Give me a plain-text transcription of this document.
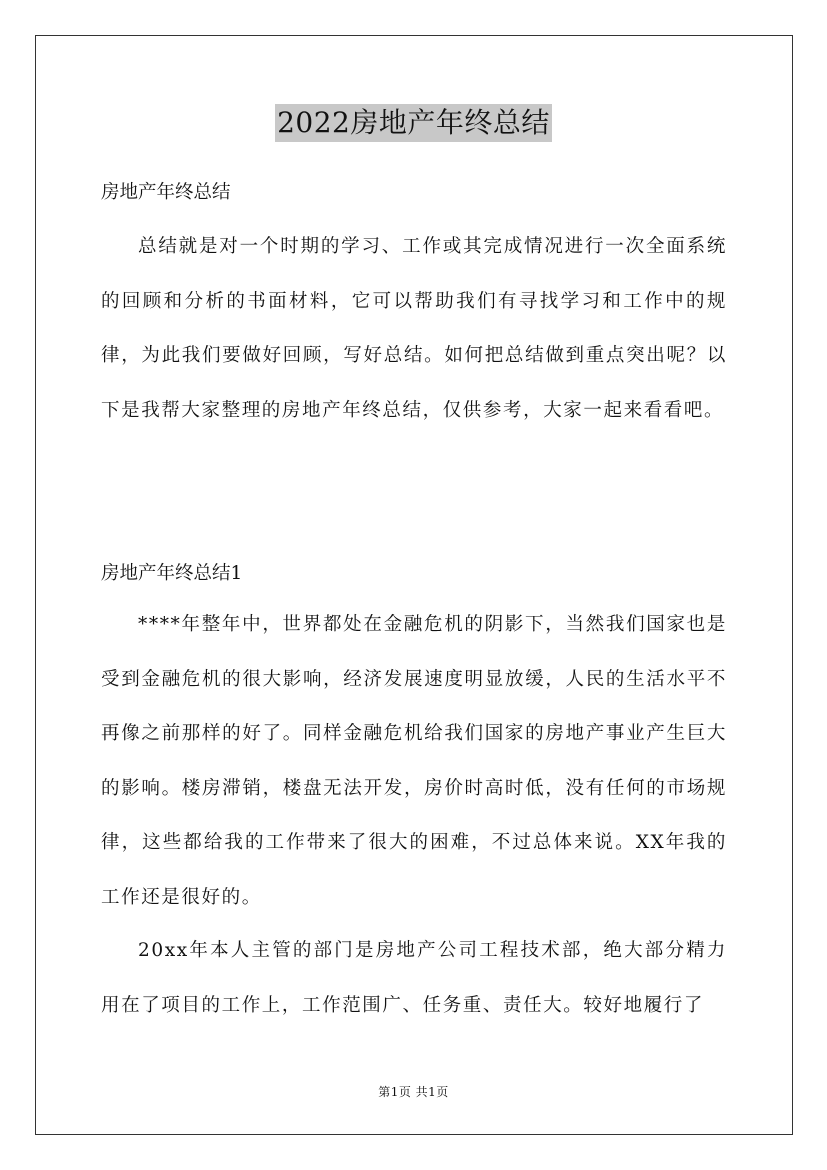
2022房地产年终总结
房地产年终总结
总结就是对一个时期的学习、工作或其完成情况进行一次全面系统的回顾和分析的书面材料，它可以帮助我们有寻找学习和工作中的规律，为此我们要做好回顾，写好总结。如何把总结做到重点突出呢？以下是我帮大家整理的房地产年终总结，仅供参考，大家一起来看看吧。
房地产年终总结1
****年整年中，世界都处在金融危机的阴影下，当然我们国家也是受到金融危机的很大影响，经济发展速度明显放缓，人民的生活水平不再像之前那样的好了。同样金融危机给我们国家的房地产事业产生巨大的影响。楼房滞销，楼盘无法开发，房价时高时低，没有任何的市场规律，这些都给我的工作带来了很大的困难，不过总体来说。XX年我的工作还是很好的。
20xx年本人主管的部门是房地产公司工程技术部，绝大部分精力用在了项目的工作上，工作范围广、任务重、责任大。较好地履行了
第1页 共1页
